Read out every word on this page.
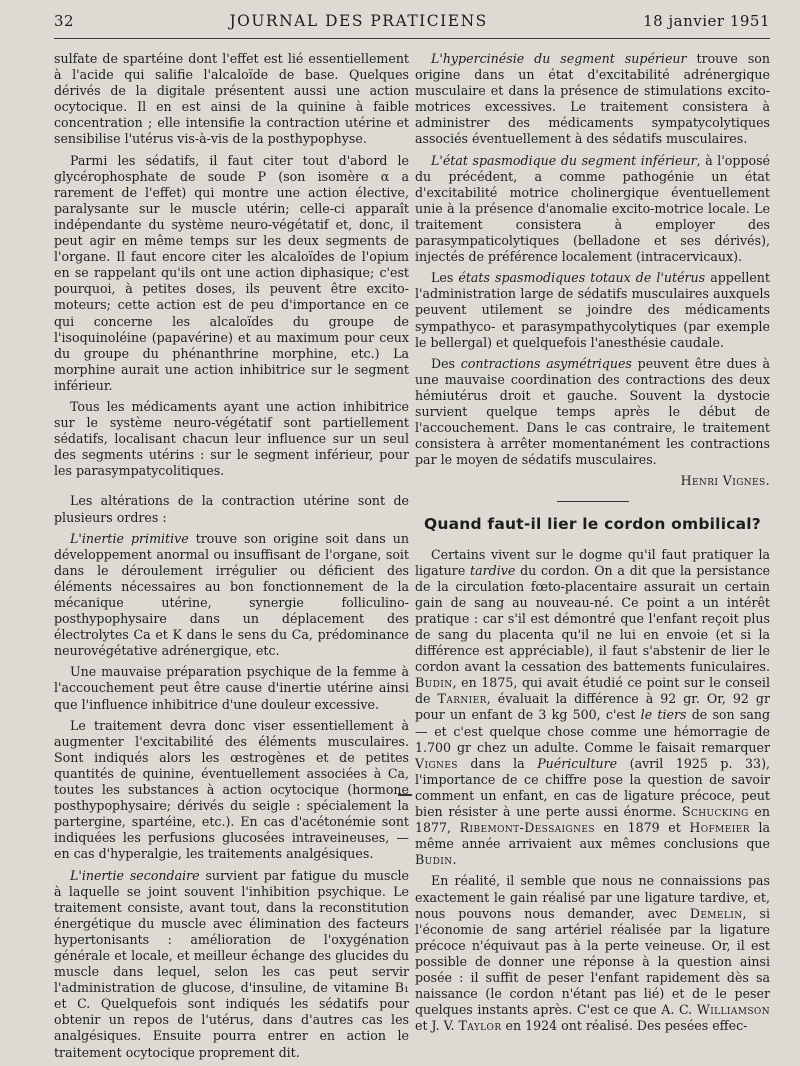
32	JOURNAL DES PRATICIENS	18 janvier 1951

sulfate de spartéine dont l'effet est lié essentiellement à l'acide qui salifie l'alcaloïde de base. Quelques dérivés de la digitale présentent aussi une action ocytocique. Il en est ainsi de la quinine à faible concentration ; elle intensifie la contraction utérine et sensibilise l'utérus vis-à-vis de la posthypophyse.

Parmi les sédatifs, il faut citer tout d'abord le glycérophosphate de soude P (son isomère α a rarement de l'effet) qui montre une action élective, paralysante sur le muscle utérin; celle-ci apparaît indépendante du système neuro-végétatif et, donc, il peut agir en même temps sur les deux segments de l'organe. Il faut encore citer les alcaloïdes de l'opium en se rappelant qu'ils ont une action diphasique; c'est pourquoi, à petites doses, ils peuvent être excito-moteurs; cette action est de peu d'importance en ce qui concerne les alcaloïdes du groupe de l'isoquinoléine (papavérine) et au maximum pour ceux du groupe du phénanthrine morphine, etc.) La morphine aurait une action inhibitrice sur le segment inférieur.

Tous les médicaments ayant une action inhibitrice sur le système neuro-végétatif sont partiellement sédatifs, localisant chacun leur influence sur un seul des segments utérins : sur le segment inférieur, pour les parasympatycolitiques.

Les altérations de la contraction utérine sont de plusieurs ordres :

L'inertie primitive trouve son origine soit dans un développement anormal ou insuffisant de l'organe, soit dans le déroulement irrégulier ou déficient des éléments nécessaires au bon fonctionnement de la mécanique utérine, synergie folliculino-posthypophysaire dans un déplacement des électrolytes Ca et K dans le sens du Ca, prédominance neurovégétative adrénergique, etc.

Une mauvaise préparation psychique de la femme à l'accouchement peut être cause d'inertie utérine ainsi que l'influence inhibitrice d'une douleur excessive.

Le traitement devra donc viser essentiellement à augmenter l'excitabilité des éléments musculaires. Sont indiqués alors les œstrogènes et de petites quantités de quinine, éventuellement associées à Ca, toutes les substances à action ocytocique (hormone posthypophysaire; dérivés du seigle : spécialement la partergine, spartéine, etc.). En cas d'acétonémie sont indiquées les perfusions glucosées intraveineuses, — en cas d'hyperalgie, les traitements analgésiques.

L'inertie secondaire survient par fatigue du muscle à laquelle se joint souvent l'inhibition psychique. Le traitement consiste, avant tout, dans la reconstitution énergétique du muscle avec élimination des facteurs hypertonisants : amélioration de l'oxygénation générale et locale, et meilleur échange des glucides du muscle dans lequel, selon les cas peut servir l'administration de glucose, d'insuline, de vitamine B₁ et C. Quelquefois sont indiqués les sédatifs pour obtenir un repos de l'utérus, dans d'autres cas les analgésiques. Ensuite pourra entrer en action le traitement ocytocique proprement dit.

L'hypercinésie du segment supérieur trouve son origine dans un état d'excitabilité adrénergique musculaire et dans la présence de stimulations excito-motrices excessives. Le traitement consistera à administrer des médicaments sympatycolytiques associés éventuellement à des sédatifs musculaires.

L'état spasmodique du segment inférieur, à l'opposé du précédent, a comme pathogénie un état d'excitabilité motrice cholinergique éventuellement unie à la présence d'anomalie excito-motrice locale. Le traitement consistera à employer des parasympaticolytiques (belladone et ses dérivés), injectés de préférence localement (intracervicaux).

Les états spasmodiques totaux de l'utérus appellent l'administration large de sédatifs musculaires auxquels peuvent utilement se joindre des médicaments sympathyco- et parasympathycolytiques (par exemple le bellergal) et quelquefois l'anesthésie caudale.

Des contractions asymétriques peuvent être dues à une mauvaise coordination des contractions des deux hémiutérus droit et gauche. Souvent la dystocie survient quelque temps après le début de l'accouchement. Dans le cas contraire, le traitement consistera à arrêter momentanément les contractions par le moyen de sédatifs musculaires.

Henri Vignes.

Quand faut-il lier le cordon ombilical?

Certains vivent sur le dogme qu'il faut pratiquer la ligature tardive du cordon. On a dit que la persistance de la circulation fœto-placentaire assurait un certain gain de sang au nouveau-né. Ce point a un intérêt pratique : car s'il est démontré que l'enfant reçoit plus de sang du placenta qu'il ne lui en envoie (et si la différence est appréciable), il faut s'abstenir de lier le cordon avant la cessation des battements funiculaires. Budin, en 1875, qui avait étudié ce point sur le conseil de Tarnier, évaluait la différence à 92 gr. Or, 92 gr pour un enfant de 3 kg 500, c'est le tiers de son sang — et c'est quelque chose comme une hémorragie de 1.700 gr chez un adulte. Comme le faisait remarquer Vignes dans la Puériculture (avril 1925 p. 33), l'importance de ce chiffre pose la question de savoir comment un enfant, en cas de ligature précoce, peut bien résister à une perte aussi énorme. Schucking en 1877, Ribemont-Dessaignes en 1879 et Hofmeier la même année arrivaient aux mêmes conclusions que Budin.

En réalité, il semble que nous ne connaissions pas exactement le gain réalisé par une ligature tardive, et, nous pouvons nous demander, avec Demelin, si l'économie de sang artériel réalisée par la ligature précoce n'équivaut pas à la perte veineuse. Or, il est possible de donner une réponse à la question ainsi posée : il suffit de peser l'enfant rapidement dès sa naissance (le cordon n'étant pas lié) et de le peser quelques instants après. C'est ce que A. C. Williamson et J. V. Taylor en 1924 ont réalisé. Des pesées effec-
